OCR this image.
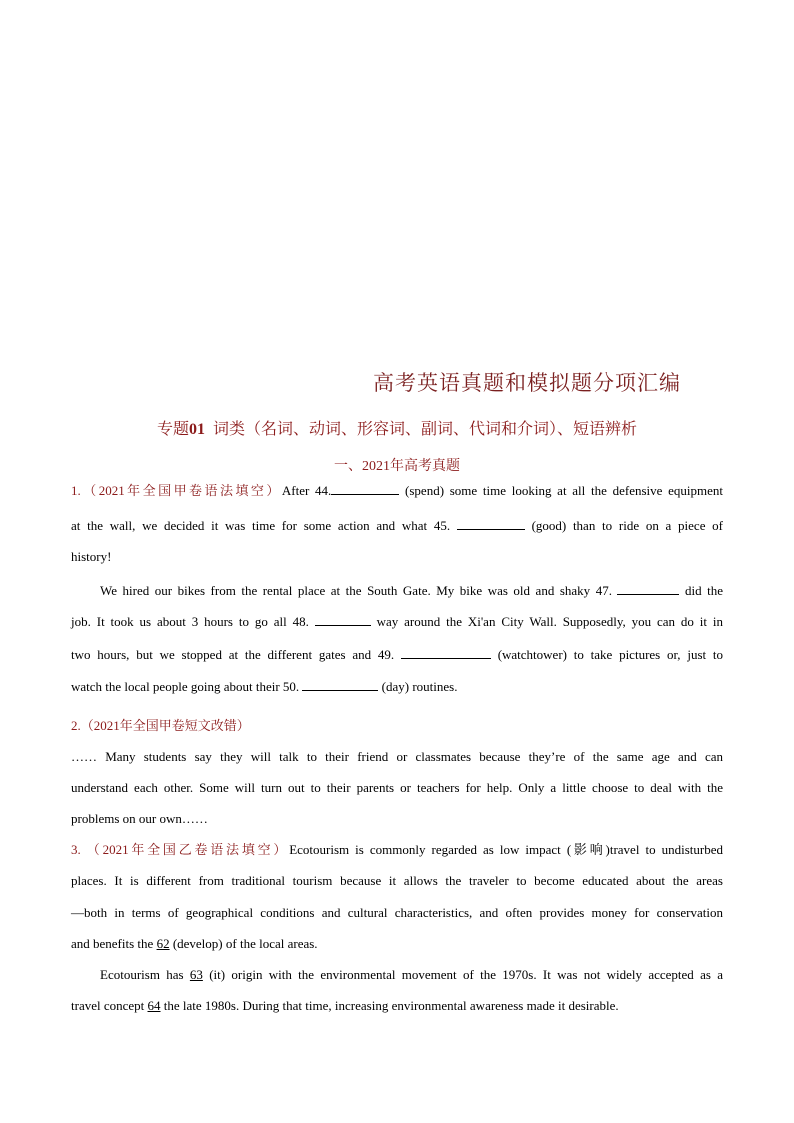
高考英语真题和模拟题分项汇编
专题01 词类（名词、动词、形容词、副词、代词和介词）、短语辨析
一、2021年高考真题
1.（2021年全国甲卷语法填空）After 44.	(spend) some time looking at all the defensive equipment
at the wall, we decided it was time for some action and what 45.	(good) than to ride on a piece of
history!
We hired our bikes from the rental place at the South Gate. My bike was old and shaky 47.	did the
job. It took us about 3 hours to go all 48.	way around the Xi'an City Wall. Supposedly, you can do it in
two hours, but we stopped at the different gates and 49.	(watchtower) to take pictures or, just to
watch the local people going about their 50.	(day) routines.
2.（2021年全国甲卷短文改错）
…… Many students say they will talk to their friend or classmates because they’re of the same age and can
understand each other. Some will turn out to their parents or teachers for help. Only a little choose to deal with the
problems on our own……
3. （2021年全国乙卷语法填空）Ecotourism is commonly regarded as low impact (影响)travel to undisturbed
places. It is different from traditional tourism because it allows the traveler to become educated about the areas
—both in terms of geographical conditions and cultural characteristics, and often provides money for conservation
and benefits the 62 (develop) of the local areas.
Ecotourism has 63 (it) origin with the environmental movement of the 1970s. It was not widely accepted as a
travel concept 64 the late 1980s. During that time, increasing environmental awareness made it desirable.
